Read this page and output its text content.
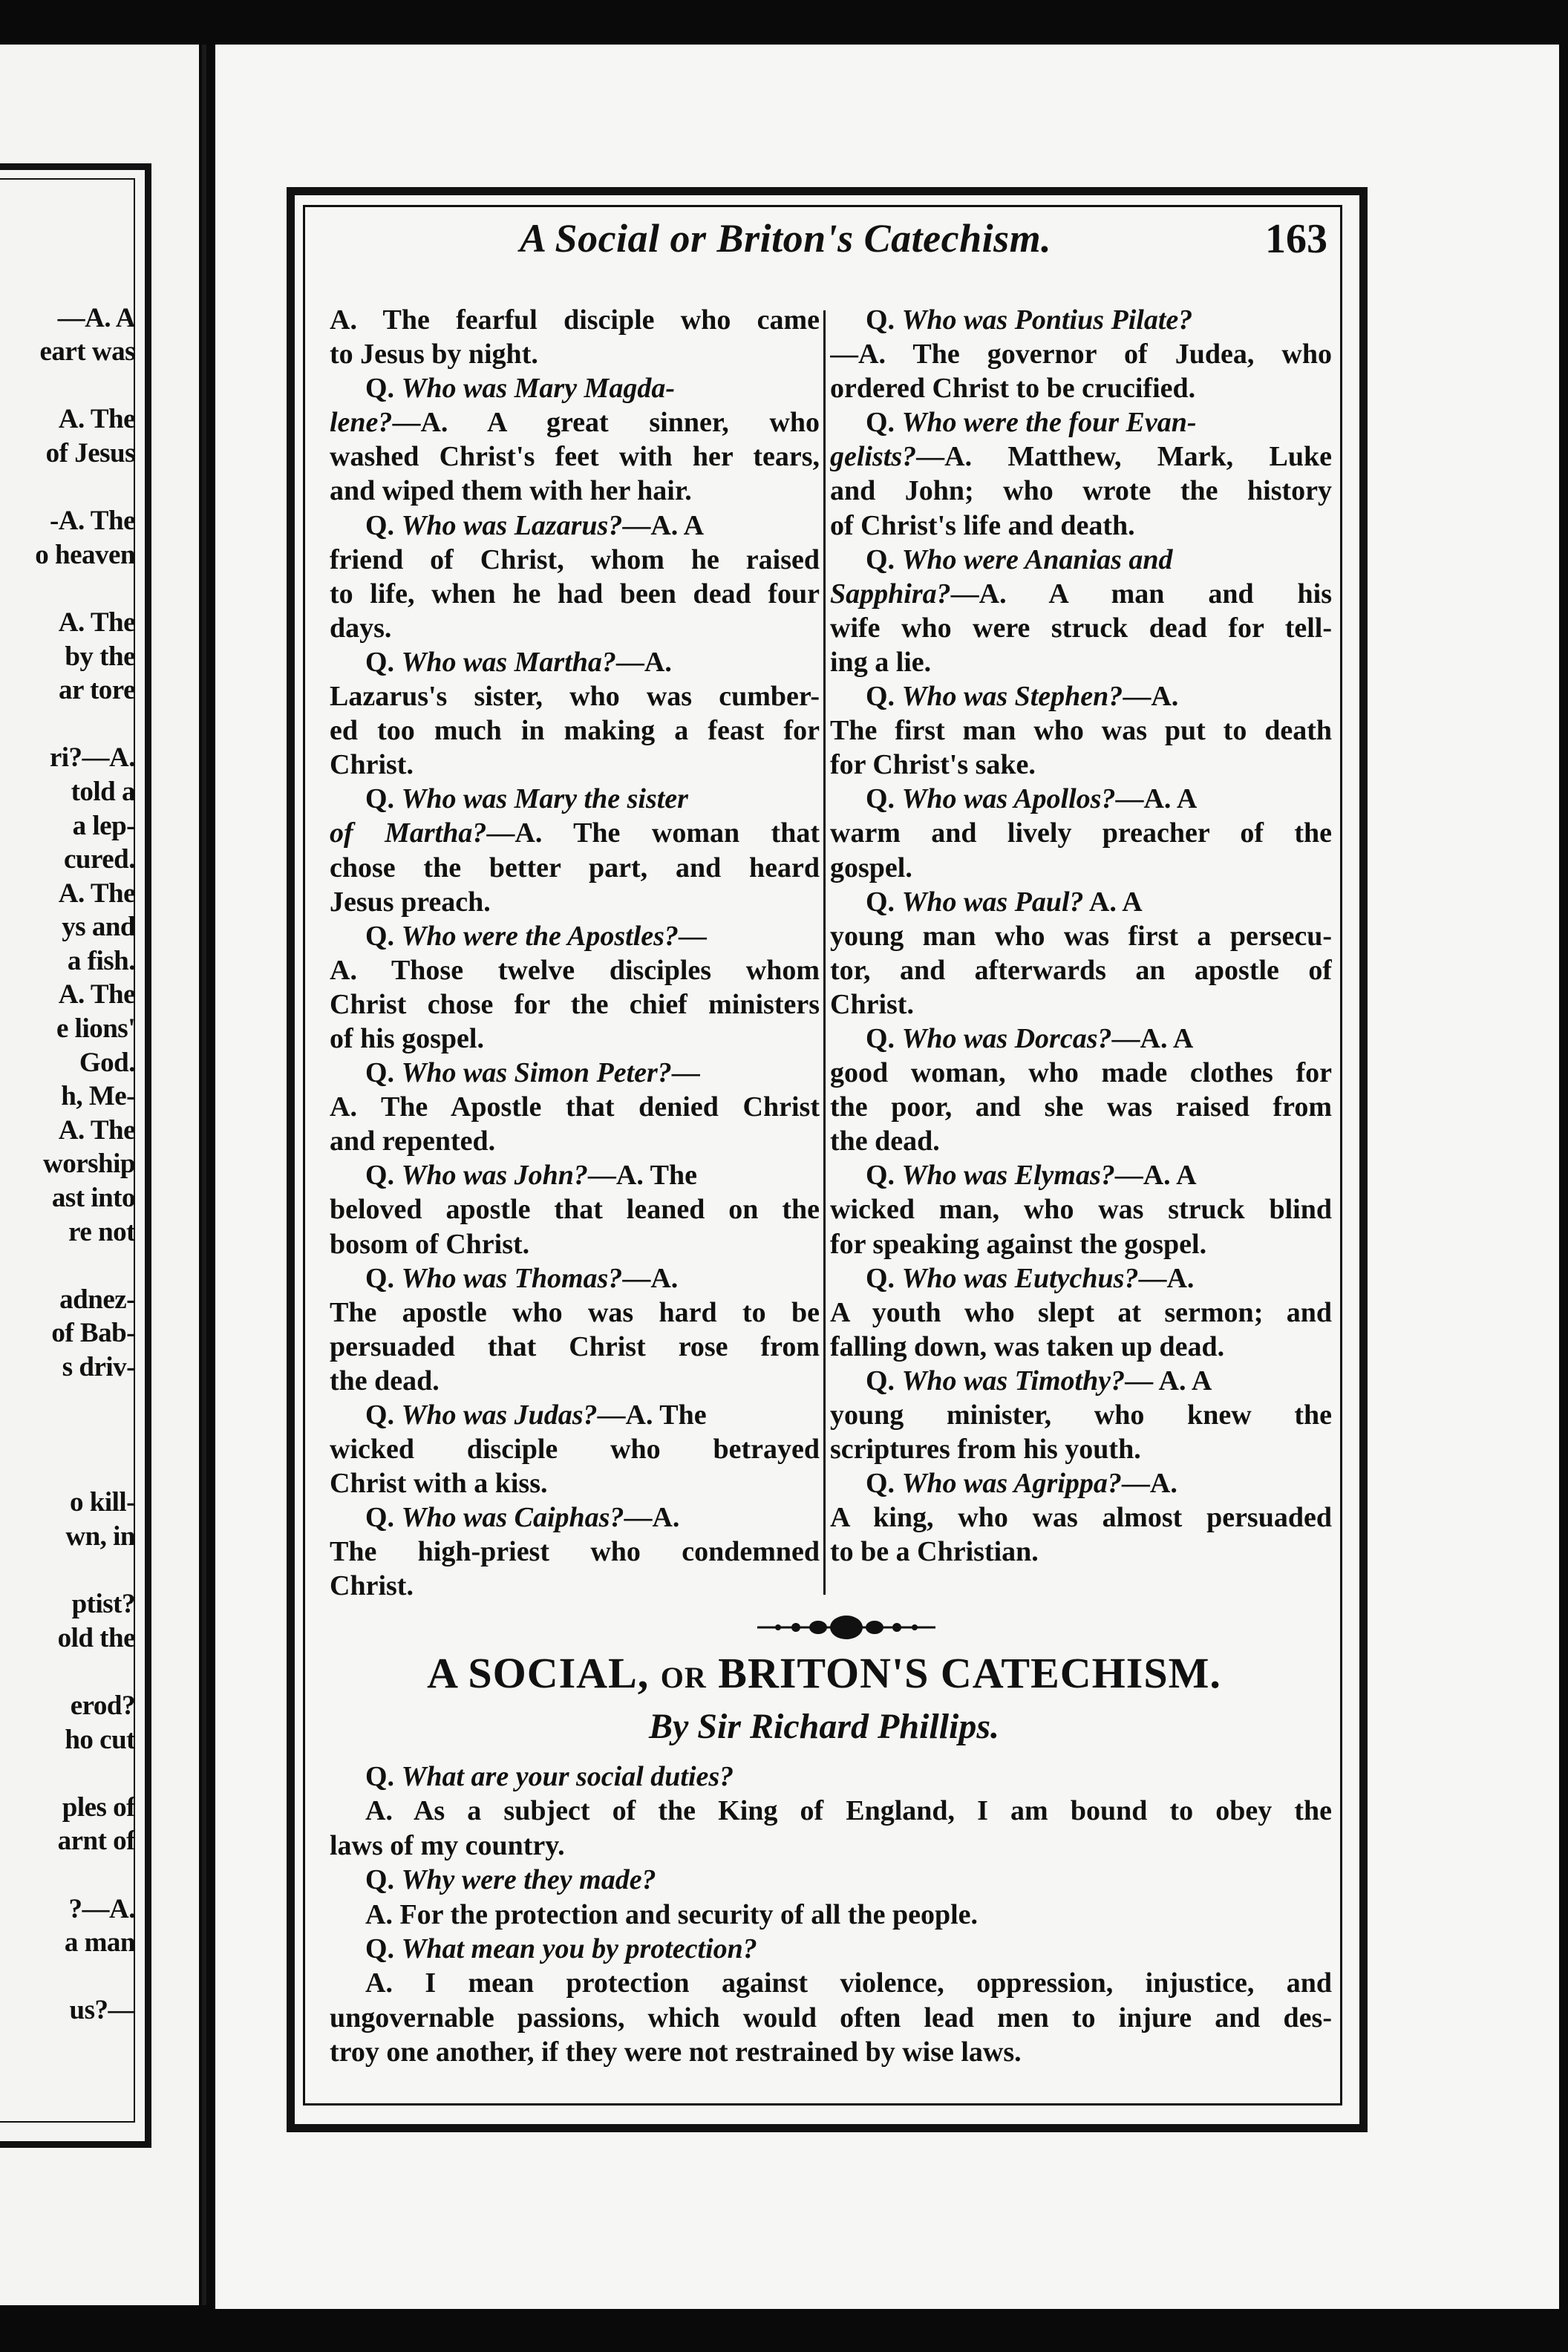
—A. A
eart was
A. The
of Jesus
-A. The
o heaven
A. The
by the
ar tore
ri?—A.
told a
a lep-
cured.
A. The
ys and
a fish.
A. The
e lions'
God.
h, Me-
A. The
worship
ast into
re not
adnez-
of Bab-
s driv-
o kill-
wn, in
ptist?
old the
erod?
ho cut
ples of
arnt of
?—A.
a man
us?—
A Social or Briton's Catechism.	163
A. The fearful disciple who came
to Jesus by night.
Q. Who was Mary Magda-
lene?—A. A great sinner, who
washed Christ's feet with her tears,
and wiped them with her hair.
Q. Who was Lazarus?—A. A
friend of Christ, whom he raised
to life, when he had been dead four
days.
Q. Who was Martha?—A.
Lazarus's sister, who was cumber-
ed too much in making a feast for
Christ.
Q. Who was Mary the sister
of Martha?—A. The woman that
chose the better part, and heard
Jesus preach.
Q. Who were the Apostles?—
A. Those twelve disciples whom
Christ chose for the chief ministers
of his gospel.
Q. Who was Simon Peter?—
A. The Apostle that denied Christ
and repented.
Q. Who was John?—A. The
beloved apostle that leaned on the
bosom of Christ.
Q. Who was Thomas?—A.
The apostle who was hard to be
persuaded that Christ rose from
the dead.
Q. Who was Judas?—A. The
wicked disciple who betrayed
Christ with a kiss.
Q. Who was Caiphas?—A.
The high-priest who condemned
Christ.
Q. Who was Pontius Pilate?
—A. The governor of Judea, who
ordered Christ to be crucified.
Q. Who were the four Evan-
gelists?—A. Matthew, Mark, Luke
and John; who wrote the history
of Christ's life and death.
Q. Who were Ananias and
Sapphira?—A. A man and his
wife who were struck dead for tell-
ing a lie.
Q. Who was Stephen?—A.
The first man who was put to death
for Christ's sake.
Q. Who was Apollos?—A. A
warm and lively preacher of the
gospel.
Q. Who was Paul? A. A
young man who was first a persecu-
tor, and afterwards an apostle of
Christ.
Q. Who was Dorcas?—A. A
good woman, who made clothes for
the poor, and she was raised from
the dead.
Q. Who was Elymas?—A. A
wicked man, who was struck blind
for speaking against the gospel.
Q. Who was Eutychus?—A.
A youth who slept at sermon; and
falling down, was taken up dead.
Q. Who was Timothy?— A. A
young minister, who knew the
scriptures from his youth.
Q. Who was Agrippa?—A.
A king, who was almost persuaded
to be a Christian.
A SOCIAL, OR BRITON'S CATECHISM.
By Sir Richard Phillips.
Q. What are your social duties?
A. As a subject of the King of England, I am bound to obey the
laws of my country.
Q. Why were they made?
A. For the protection and security of all the people.
Q. What mean you by protection?
A. I mean protection against violence, oppression, injustice, and
ungovernable passions, which would often lead men to injure and des-
troy one another, if they were not restrained by wise laws.
